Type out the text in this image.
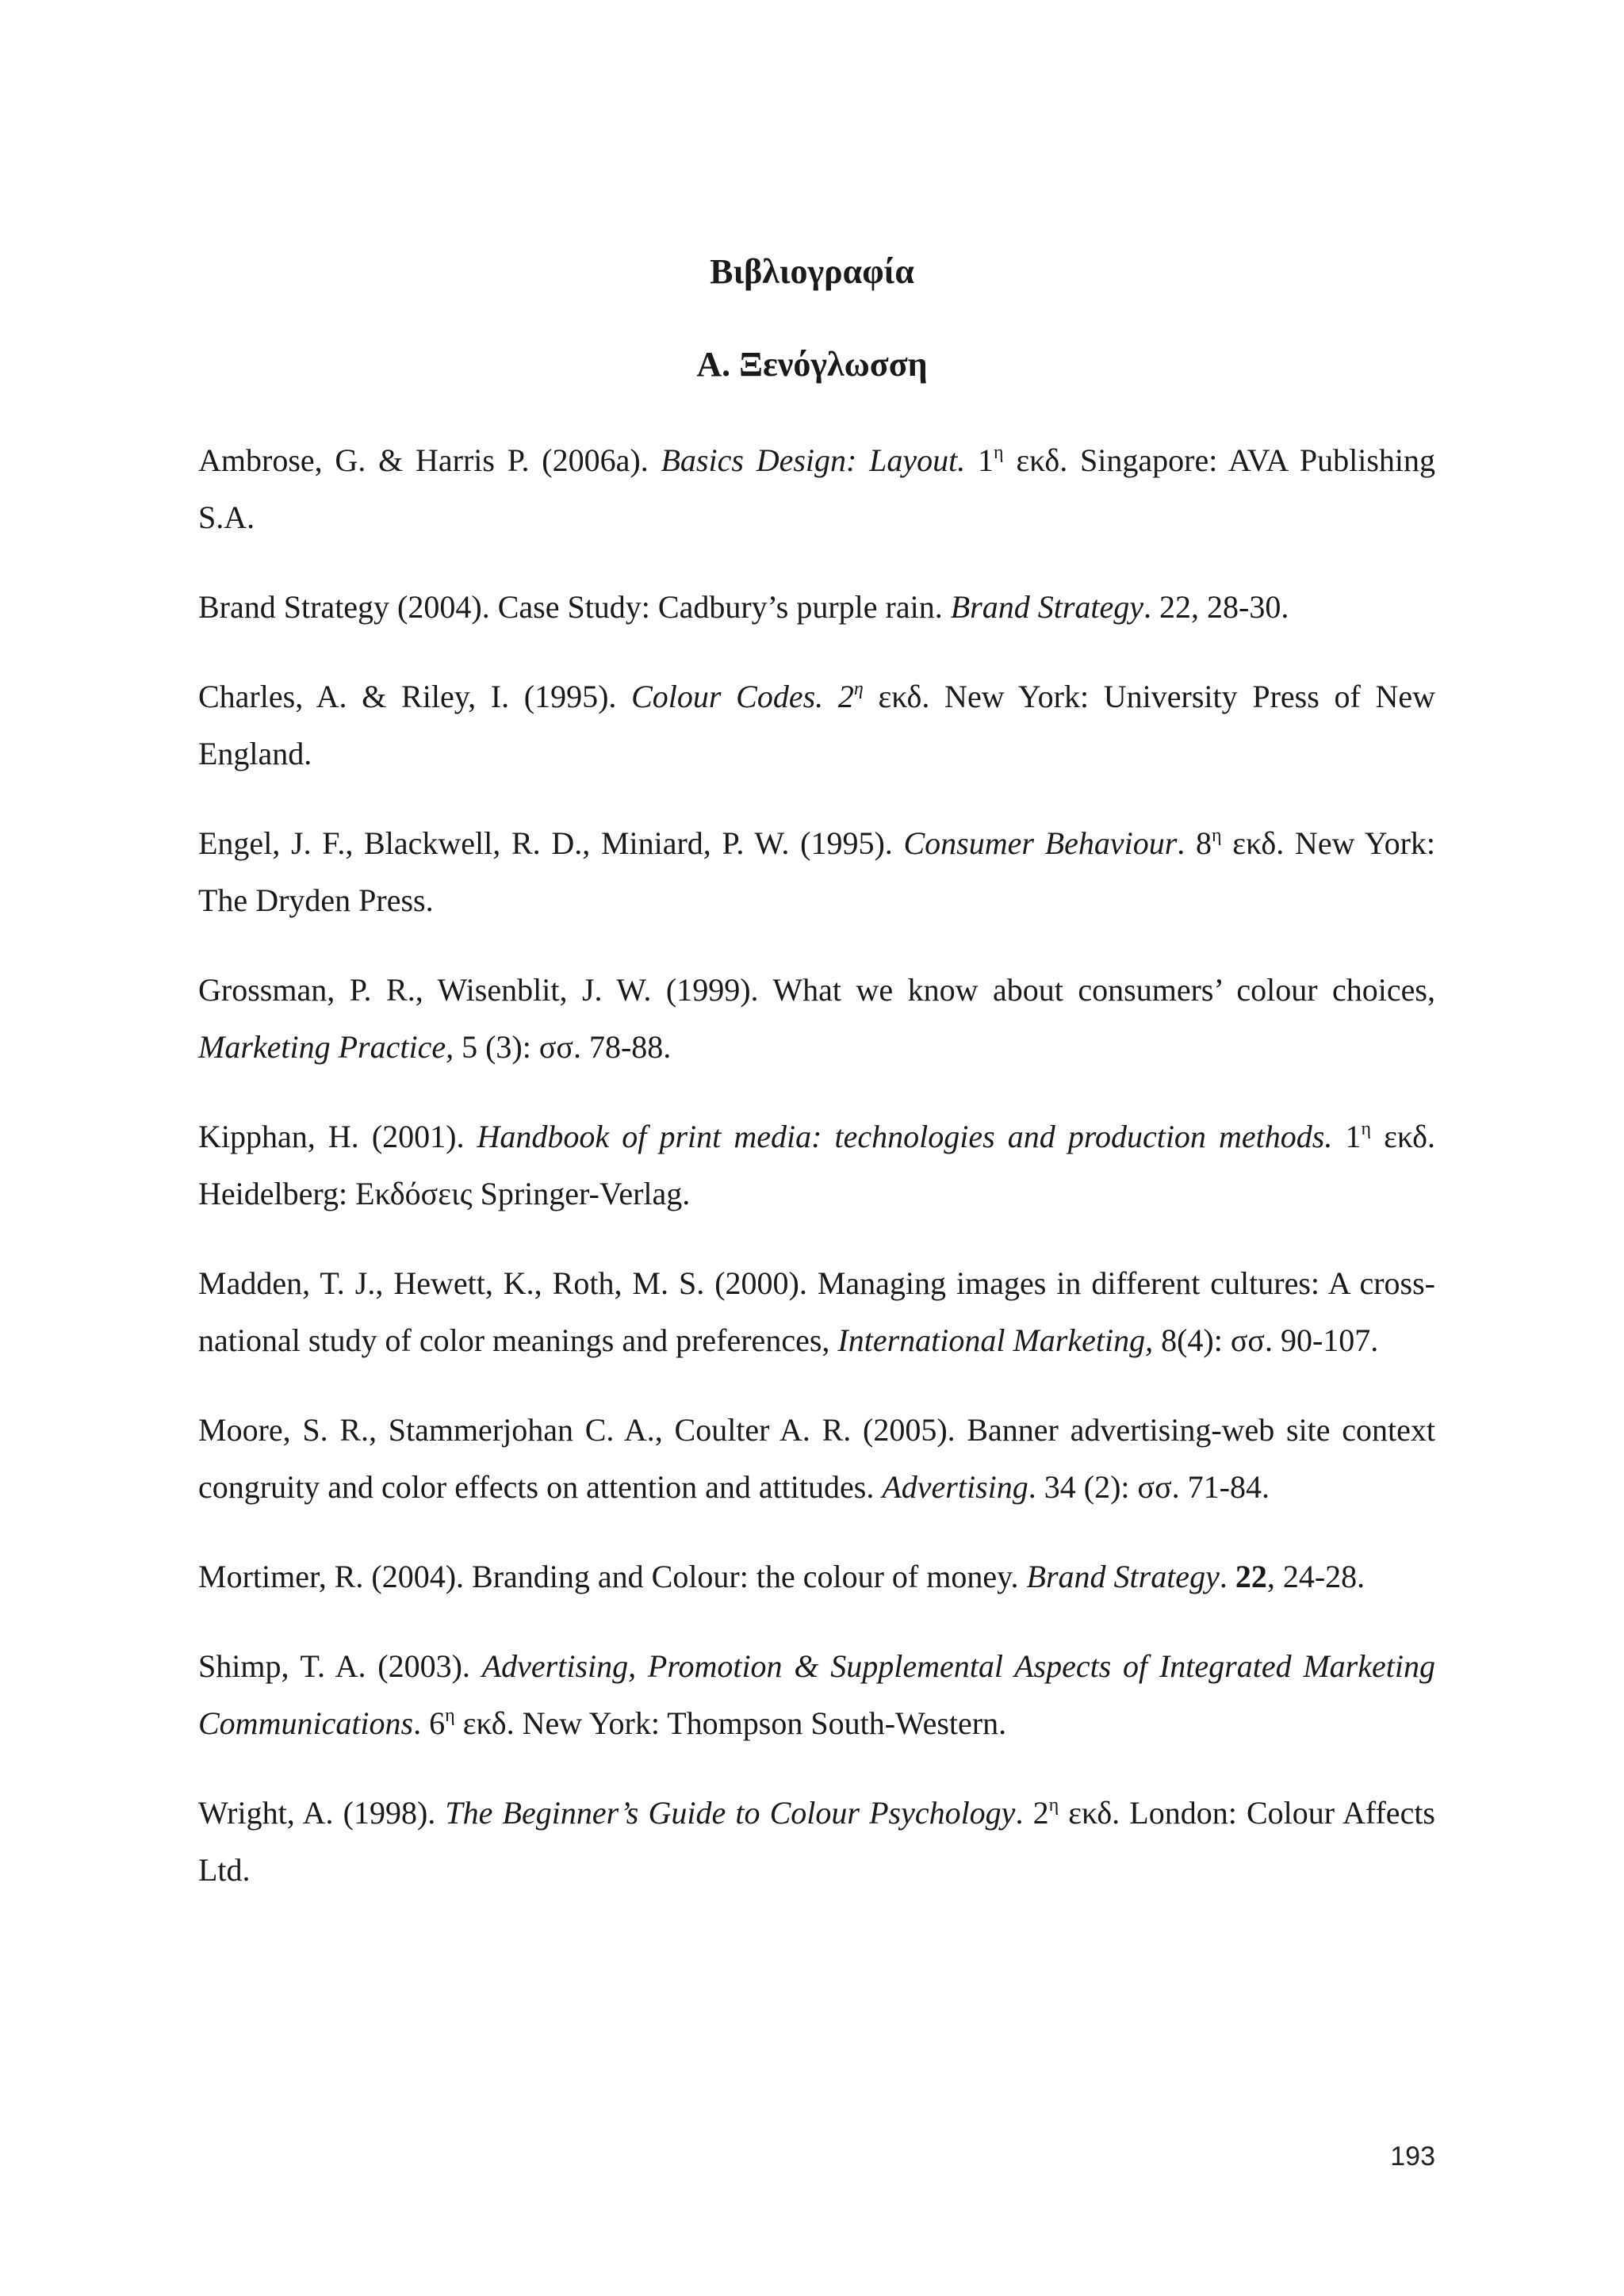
Βιβλιογραφία
Α. Ξενόγλωσση

Ambrose, G. & Harris P. (2006a). Basics Design: Layout. $1^\eta$ εκδ. Singapore: AVA Publishing S.A.

Brand Strategy (2004). Case Study: Cadbury’s purple rain. Brand Strategy. 22, 28-30.

Charles, A. & Riley, I. (1995). Colour Codes. $2^\eta$ εκδ. New York: University Press of New England.

Engel, J. F., Blackwell, R. D., Miniard, P. W. (1995). Consumer Behaviour. $8^\eta$ εκδ. New York: The Dryden Press.

Grossman, P. R., Wisenblit, J. W. (1999). What we know about consumers’ colour choices, Marketing Practice, 5 (3): σσ. 78-88.

Kipphan, H. (2001). Handbook of print media: technologies and production methods. $1^\eta$ εκδ. Heidelberg: Εκδόσεις Springer-Verlag.

Madden, T. J., Hewett, K., Roth, M. S. (2000). Managing images in different cultures: A cross-national study of color meanings and preferences, International Marketing, 8(4): σσ. 90-107.

Moore, S. R., Stammerjohan C. A., Coulter A. R. (2005). Banner advertising-web site context congruity and color effects on attention and attitudes. Advertising. 34 (2): σσ. 71-84.

Mortimer, R. (2004). Branding and Colour: the colour of money. Brand Strategy. 22, 24-28.

Shimp, T. A. (2003). Advertising, Promotion & Supplemental Aspects of Integrated Marketing Communications. $6^\eta$ εκδ. New York: Thompson South-Western.

Wright, A. (1998). The Beginner’s Guide to Colour Psychology. $2^\eta$ εκδ. London: Colour Affects Ltd.

193
